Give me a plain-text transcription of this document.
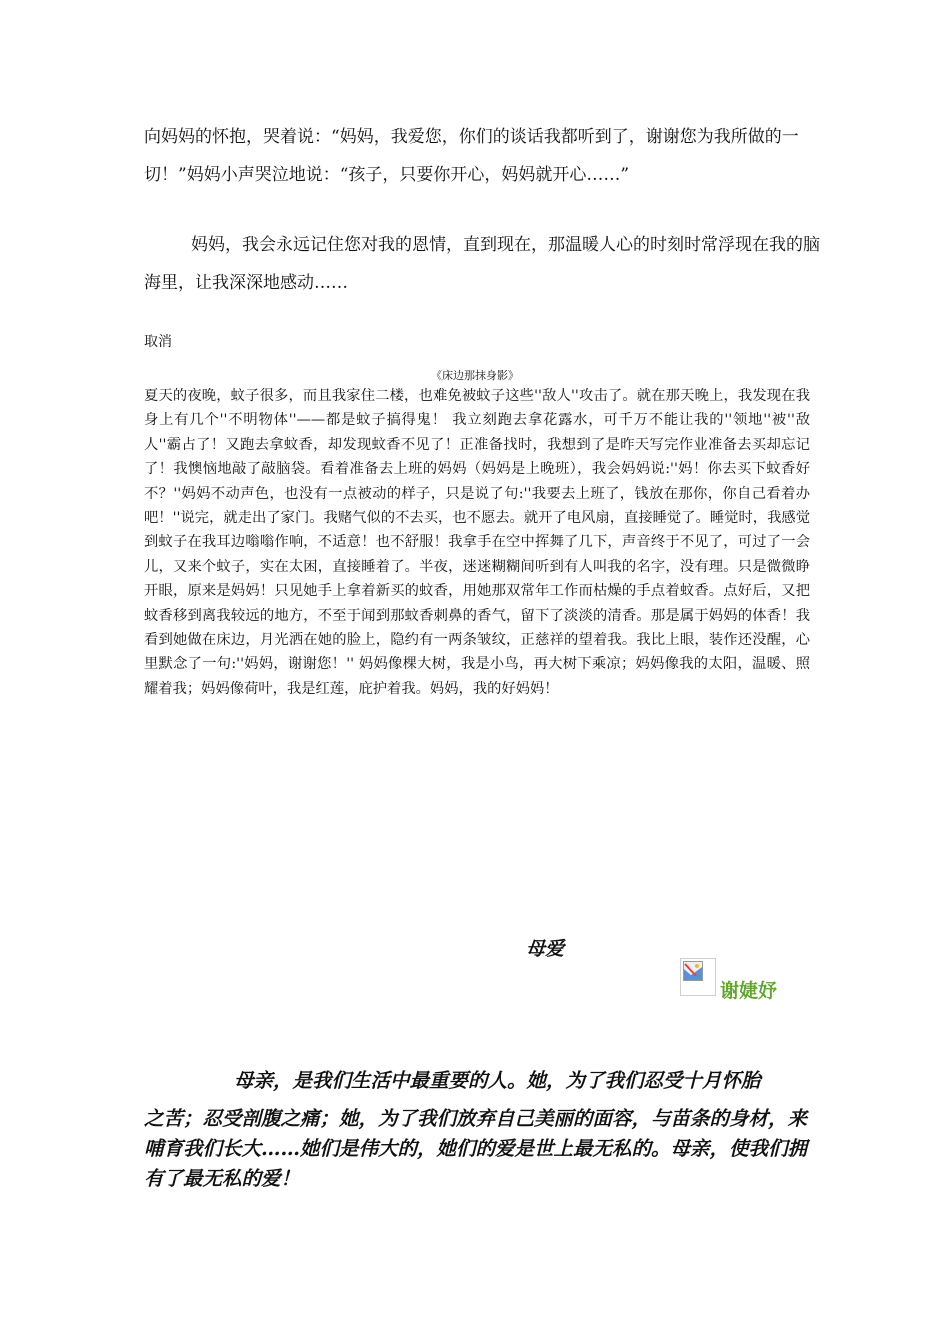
向妈妈的怀抱，哭着说：“妈妈，我爱您，你们的谈话我都听到了，谢谢您为我所做的一切！”妈妈小声哭泣地说：“孩子，只要你开心，妈妈就开心……”

妈妈，我会永远记住您对我的恩情，直到现在，那温暖人心的时刻时常浮现在我的脑海里，让我深深地感动……

取消

《床边那抹身影》

夏天的夜晚，蚊子很多，而且我家住二楼，也难免被蚊子这些''敌人''攻击了。就在那天晚上，我发现在我身上有几个''不明物体''——都是蚊子搞得鬼！ 我立刻跑去拿花露水，可千万不能让我的''领地''被''敌人''霸占了！又跑去拿蚊香，却发现蚊香不见了！正准备找时，我想到了是昨天写完作业准备去买却忘记了！我懊恼地敲了敲脑袋。看着准备去上班的妈妈（妈妈是上晚班），我会妈妈说:''妈！你去买下蚊香好不？''妈妈不动声色，也没有一点被动的样子，只是说了句:''我要去上班了，钱放在那你，你自己看着办吧！''说完，就走出了家门。我赌气似的不去买，也不愿去。就开了电风扇，直接睡觉了。睡觉时，我感觉到蚊子在我耳边嗡嗡作响，不适意！也不舒服！我拿手在空中挥舞了几下，声音终于不见了，可过了一会儿，又来个蚊子，实在太困，直接睡着了。半夜，迷迷糊糊间听到有人叫我的名字，没有理。只是微微睁开眼，原来是妈妈！只见她手上拿着新买的蚊香，用她那双常年工作而枯燥的手点着蚊香。点好后，又把蚊香移到离我较远的地方，不至于闻到那蚊香刺鼻的香气，留下了淡淡的清香。那是属于妈妈的体香！我看到她做在床边，月光洒在她的脸上，隐约有一两条皱纹，正慈祥的望着我。我比上眼，装作还没醒，心里默念了一句:''妈妈，谢谢您！'' 妈妈像棵大树，我是小鸟，再大树下乘凉；妈妈像我的太阳，温暖、照耀着我；妈妈像荷叶，我是红莲，庇护着我。妈妈，我的好妈妈！

母爱

谢婕妤

母亲，是我们生活中最重要的人。她，为了我们忍受十月怀胎
之苦；忍受剖腹之痛；她，为了我们放弃自己美丽的面容，与苗条的身材，来哺育我们长大……她们是伟大的，她们的爱是世上最无私的。母亲，使我们拥有了最无私的爱！
